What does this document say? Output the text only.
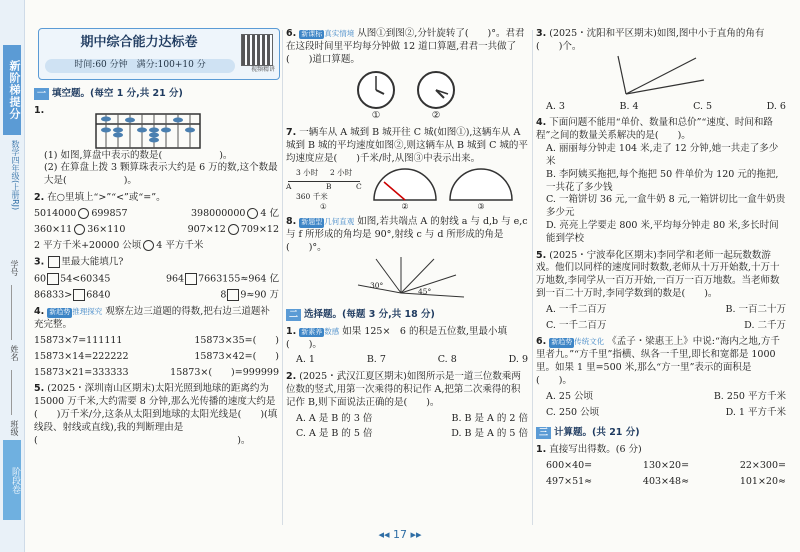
新阶梯提分
数学四年级(上册RJ)
学号
姓名
班级
阶段卷
期中综合能力达标卷
时间:60 分钟　满分:100+10 分	视频精讲
一 填空题。(每空 1 分,共 21 分)
1.
(1) 如图,算盘中表示的数是(　　　　　　)。
(2) 在算盘上拨 3 颗算珠表示大约是 6 万的数,这个数最大是(　　　　　　)。
2. 在○里填上“>”“<”或“=”。
5014000 699857	398000000 4 亿
360×11 36×110	907×12 709×12
2 平方千米+20000 公顷 4 平方千米
3. 里最大能填几?
60 54<60345	964 7663155≈964 亿
86833> 6840	8 9≈90 万
4. 新趋势 推理探究 观察左边三道题的得数,把右边三道题补充完整。
15873×7=111111	15873×35=(　　)
15873×14=222222	15873×42=(　　)
15873×21=333333	15873×(　　)=999999
5. (2025・深圳南山区期末)太阳光照到地球的距离约为15000 万千米,大约需要 8 分钟,那么光传播的速度大约是(　　)万千米/分,这条从太阳到地球的太阳光线是(　　)(填线段、射线或直线),我的判断理由是(　　　　　　　　　　　　　　　　　　　　　)。
6. 新课标 真实情境 从图①到图②,分针旋转了(　　)°。君君在这段时间里平均每分钟做 12 道口算题,君君一共做了(　　)道口算题。
①	②
7. 一辆车从 A 城到 B 城开往 C 城(如图①),这辆车从 A 城到 B 城的平均速度如图②,则这辆车从 B 城到 C 城的平均速度应是(　　)千米/时,从图③中表示出来。
3 小时 2 小时
A	B	C
360 千米
①	②	③
8. 新题型 几何直观 如图,若共端点 A 的射线 a 与 d,b 与 e,c 与 f 所形成的角均是 90°,射线 c 与 d 所形成的角是(　　)°。
30°
45°
二 选择题。(每题 3 分,共 18 分)
1. 新素养 数感 如果 125×　6 的积是五位数,里最小填(　　)。
A. 1	B. 7	C. 8	D. 9
2. (2025・武汉江夏区期末)如图所示是一道三位数乘两位数的竖式,用第一次乘得的积记作 A,把第二次乘得的积记作 B,则下面说法正确的是(　　)。
A. A 是 B 的 3 倍	B. B 是 A 的 2 倍
C. A 是 B 的 5 倍	D. B 是 A 的 5 倍
3. (2025・沈阳和平区期末)如图,图中小于直角的角有(　　)个。
A. 3	B. 4	C. 5	D. 6
4. 下面问题不能用“单价、数量和总价”“速度、时间和路程”之间的数量关系解决的是(　　)。
A. 丽丽每分钟走 104 米,走了 12 分钟,她一共走了多少米
B. 李阿姨买拖把,每个拖把 50 件单价为 120 元的拖把,一共花了多少钱
C. 一箱饼切 36 元,一盒牛奶 8 元,一箱饼切比一盒牛奶贵多少元
D. 亮亮上学要走 800 米,平均每分钟走 80 米,多长时间能到学校
5. (2025・宁波奉化区期末)李同学和老师一起玩数数游戏。他们以同样的速度同时数数,老师从十万开始数,十万十万地数,李同学从一百万开始,一百万一百万地数。当老师数到一百二十万时,李同学数到的数是(　　)。
A. 一千二百万	B. 一百二十万
C. 一千二百万	D. 二千万
6. 新趋势 传统文化 《孟子・梁惠王上》中说:“海内之地,方千里者九。”“方千里”指横、纵各一千里,即长和宽都是 1000 里。如果 1 里=500 米,那么“方一里”表示的面积是(　　)。
A. 25 公顷	B. 250 平方千米
C. 250 公顷	D. 1 平方千米
三 计算题。(共 21 分)
1. 直接写出得数。(6 分)
600×40=	130×20=	22×300=
497×51≈	403×48≈	101×20≈
◂◂ 17 ▸▸
